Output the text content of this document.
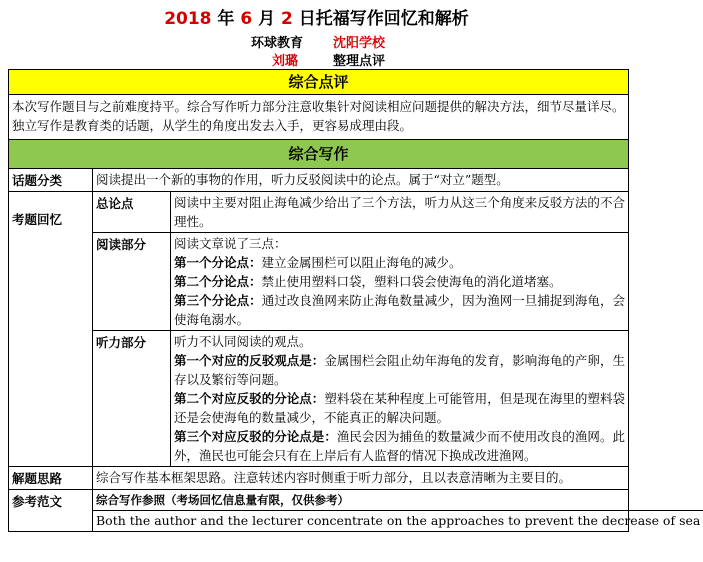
2018 年 6 月 2 日托福写作回忆和解析
环球教育 沈阳学校
刘璐	整理点评
综合点评
本次写作题目与之前难度持平。综合写作听力部分注意收集针对阅读相应问题提供的解决方法，细节尽量详尽。独立写作是教育类的话题，从学生的角度出发去入手，更容易成理由段。
综合写作
话题分类	阅读提出一个新的事物的作用，听力反驳阅读中的论点。属于“对立”题型。
考题回忆
总论点	阅读中主要对阻止海龟减少给出了三个方法，听力从这三个角度来反驳方法的不合理性。
阅读部分	阅读文章说了三点：
第一个分论点：建立金属围栏可以阻止海龟的减少。
第二个分论点：禁止使用塑料口袋，塑料口袋会使海龟的消化道堵塞。
第三个分论点：通过改良渔网来防止海龟数量减少，因为渔网一旦捕捉到海龟，会使海龟溺水。
听力部分	听力不认同阅读的观点。
第一个对应的反驳观点是：金属围栏会阻止幼年海龟的发育，影响海龟的产卵，生存以及繁衍等问题。
第二个对应反驳的分论点：塑料袋在某种程度上可能管用，但是现在海里的塑料袋还是会使海龟的数量减少，不能真正的解决问题。
第三个对应反驳的分论点是：渔民会因为捕鱼的数量减少而不使用改良的渔网。此外，渔民也可能会只有在上岸后有人监督的情况下换成改进渔网。
解题思路	综合写作基本框架思路。注意转述内容时侧重于听力部分，且以表意清晰为主要目的。
参考范文	综合写作参照（考场回忆信息量有限，仅供参考）
Both the author and the lecturer concentrate on the approaches to prevent the decrease of sea
